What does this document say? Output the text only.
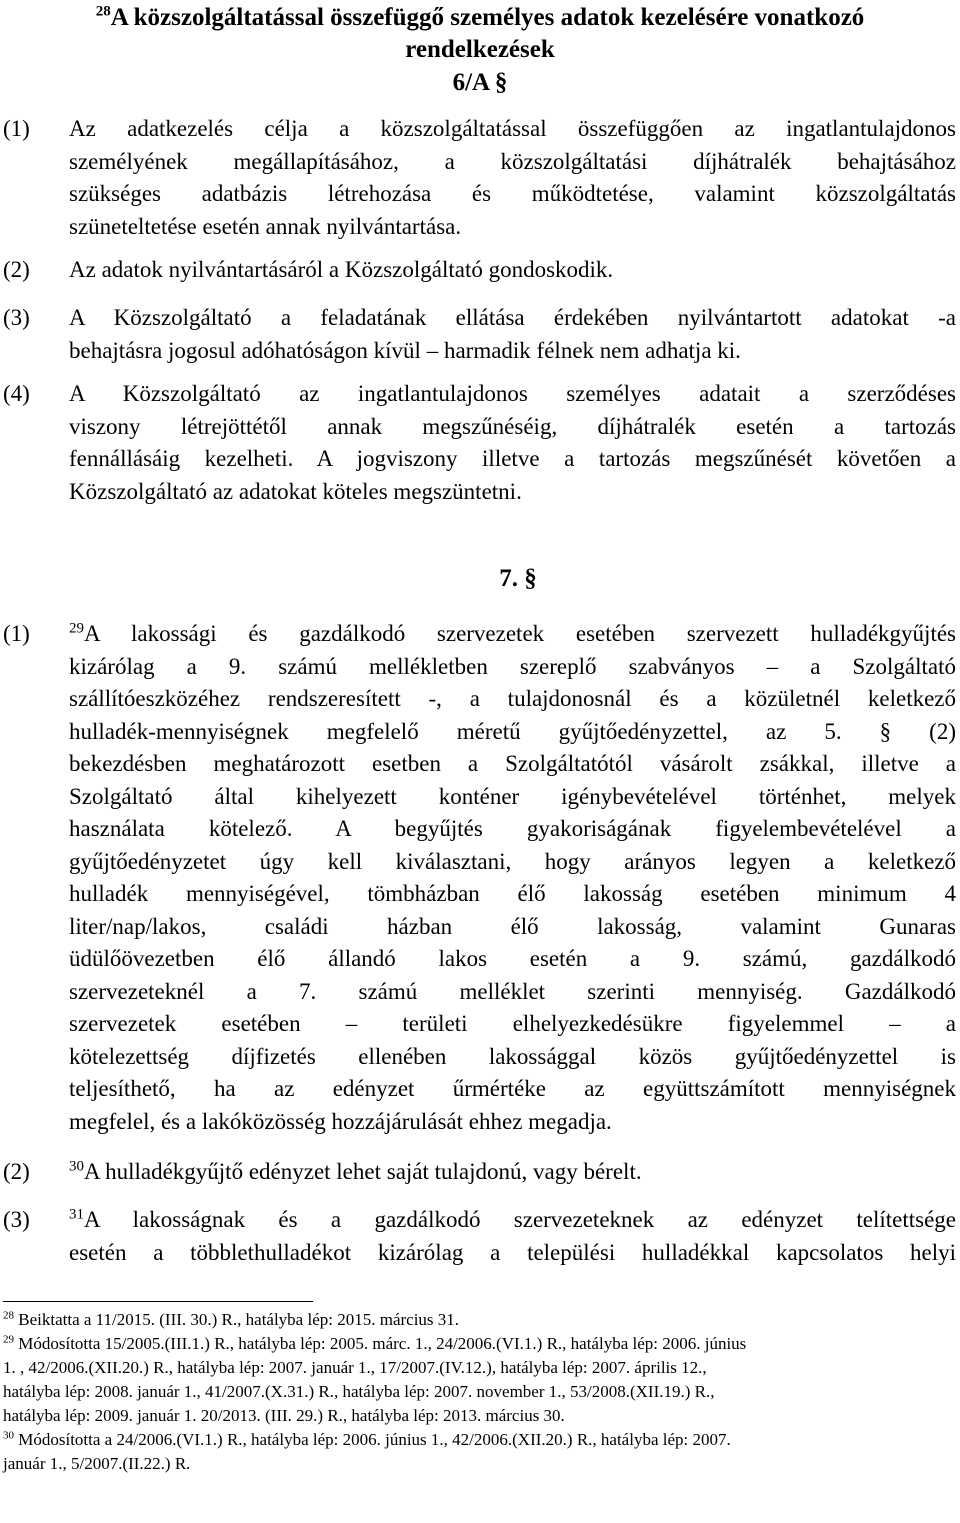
$^{28}$A közszolgáltatással összefüggő személyes adatok kezelésére vonatkozó
rendelkezések
6/A §
(1) Az adatkezelés célja a közszolgáltatással összefüggően az ingatlantulajdonos
személyének megállapításához, a közszolgáltatási díjhátralék behajtásához
szükséges adatbázis létrehozása és működtetése, valamint közszolgáltatás
szüneteltetése esetén annak nyilvántartása.
(2) Az adatok nyilvántartásáról a Közszolgáltató gondoskodik.
(3) A Közszolgáltató a feladatának ellátása érdekében nyilvántartott adatokat -a
behajtásra jogosul adóhatóságon kívül – harmadik félnek nem adhatja ki.
(4) A Közszolgáltató az ingatlantulajdonos személyes adatait a szerződéses
viszony létrejöttétől annak megszűnéséig, díjhátralék esetén a tartozás
fennállásáig kezelheti. A jogviszony illetve a tartozás megszűnését követően a
Közszolgáltató az adatokat köteles megszüntetni.
7. §
(1)	$^{29}$A lakossági és gazdálkodó szervezetek esetében szervezett hulladékgyűjtés
kizárólag a 9. számú mellékletben szereplő szabványos – a Szolgáltató
szállítóeszközéhez rendszeresített -, a tulajdonosnál és a közületnél keletkező
hulladék-mennyiségnek megfelelő méretű gyűjtőedényzettel, az 5. § (2)
bekezdésben meghatározott esetben a Szolgáltatótól vásárolt zsákkal, illetve a
Szolgáltató által kihelyezett konténer igénybevételével történhet, melyek
használata kötelező. A begyűjtés gyakoriságának figyelembevételével a
gyűjtőedényzetet úgy kell kiválasztani, hogy arányos legyen a keletkező
hulladék mennyiségével, tömbházban élő lakosság esetében minimum 4
liter/nap/lakos, családi házban élő lakosság, valamint Gunaras
üdülőövezetben élő állandó lakos esetén a 9. számú, gazdálkodó
szervezeteknél a 7. számú melléklet szerinti mennyiség. Gazdálkodó
szervezetek esetében – területi elhelyezkedésükre figyelemmel – a
kötelezettség díjfizetés ellenében lakossággal közös gyűjtőedényzettel is
teljesíthető, ha az edényzet űrmértéke az együttszámított mennyiségnek
megfelel, és a lakóközösség hozzájárulását ehhez megadja.
(2)	$^{30}$A hulladékgyűjtő edényzet lehet saját tulajdonú, vagy bérelt.
(3)	$^{31}$A lakosságnak és a gazdálkodó szervezeteknek az edényzet telítettsége
esetén a többlethulladékot kizárólag a települési hulladékkal kapcsolatos helyi
$^{28}$ Beiktatta a 11/2015. (III. 30.) R., hatályba lép: 2015. március 31.
$^{29}$ Módosította 15/2005.(III.1.) R., hatályba lép: 2005. márc. 1., 24/2006.(VI.1.) R., hatályba lép: 2006. június
1. , 42/2006.(XII.20.) R., hatályba lép: 2007. január 1., 17/2007.(IV.12.), hatályba lép: 2007. április 12.,
hatályba lép: 2008. január 1., 41/2007.(X.31.) R., hatályba lép: 2007. november 1., 53/2008.(XII.19.) R.,
hatályba lép: 2009. január 1. 20/2013. (III. 29.) R., hatályba lép: 2013. március 30.
$^{30}$ Módosította a 24/2006.(VI.1.) R., hatályba lép: 2006. június 1., 42/2006.(XII.20.) R., hatályba lép: 2007.
január 1., 5/2007.(II.22.) R.
